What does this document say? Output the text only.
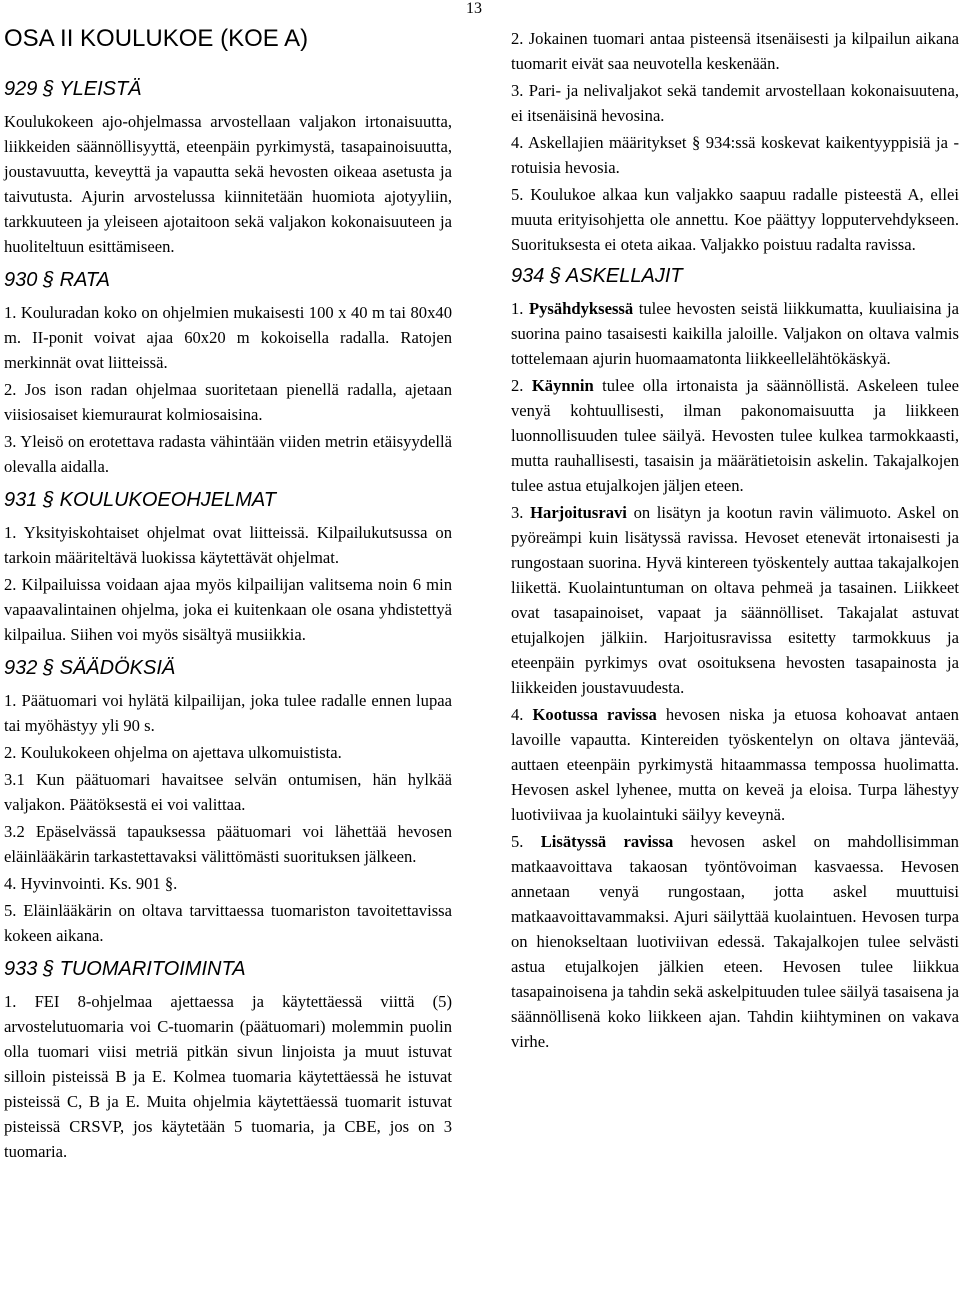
13
OSA II KOULUKOE (KOE A)
929 § YLEISTÄ

Koulukokeen ajo-ohjelmassa arvostellaan valjakon irtonaisuutta, liikkeiden säännöllisyyttä, eteenpäin pyrkimystä, tasapainoisuutta, joustavuutta, keveyttä ja vapautta sekä hevosten oikeaa asetusta ja taivutusta. Ajurin arvostelussa kiinnitetään huomiota ajotyyliin, tarkkuuteen ja yleiseen ajotaitoon sekä valjakon kokonaisuuteen ja huoliteltuun esittämiseen.

930 § RATA

1. Kouluradan koko on ohjelmien mukaisesti 100 x 40 m tai 80x40 m. II-ponit voivat ajaa 60x20 m kokoisella radalla. Ratojen merkinnät ovat liitteissä.

2. Jos ison radan ohjelmaa suoritetaan pienellä radalla, ajetaan viisiosaiset kiemuraurat kolmiosaisina.

3. Yleisö on erotettava radasta vähintään viiden metrin etäisyydellä olevalla aidalla.

931 § KOULUKOEOHJELMAT

1. Yksityiskohtaiset ohjelmat ovat liitteissä. Kilpailukutsussa on tarkoin määriteltävä luokissa käytettävät ohjelmat.

2. Kilpailuissa voidaan ajaa myös kilpailijan valitsema noin 6 min vapaavalintainen ohjelma, joka ei kuitenkaan ole osana yhdistettyä kilpailua. Siihen voi myös sisältyä musiikkia.

932 § SÄÄDÖKSIÄ

1. Päätuomari voi hylätä kilpailijan, joka tulee radalle ennen lupaa tai myöhästyy yli 90 s.

2. Koulukokeen ohjelma on ajettava ulkomuistista.

3.1 Kun päätuomari havaitsee selvän ontumisen, hän hylkää valjakon. Päätöksestä ei voi valittaa.

3.2 Epäselvässä tapauksessa päätuomari voi lähettää hevosen eläinlääkärin tarkastettavaksi välittömästi suorituksen jälkeen.

4. Hyvinvointi. Ks. 901 §.

5. Eläinlääkärin on oltava tarvittaessa tuomariston tavoitettavissa kokeen aikana.

933 § TUOMARITOIMINTA

1. FEI 8-ohjelmaa ajettaessa ja käytettäessä viittä (5) arvostelutuomaria voi C-tuomarin (päätuomari) molemmin puolin olla tuomari viisi metriä pitkän sivun linjoista ja muut istuvat silloin pisteissä B ja E. Kolmea tuomaria käytettäessä he istuvat pisteissä C, B ja E. Muita ohjelmia käytettäessä tuomarit istuvat pisteissä CRSVP, jos käytetään 5 tuomaria, ja CBE, jos on 3 tuomaria.

2. Jokainen tuomari antaa pisteensä itsenäisesti ja kilpailun aikana tuomarit eivät saa neuvotella keskenään.

3. Pari- ja nelivaljakot sekä tandemit arvostellaan kokonaisuutena, ei itsenäisinä hevosina.

4. Askellajien määritykset § 934:ssä koskevat kaikentyyppisiä ja -rotuisia hevosia.

5. Koulukoe alkaa kun valjakko saapuu radalle pisteestä A, ellei muuta erityisohjetta ole annettu. Koe päättyy lopputervehdykseen. Suorituksesta ei oteta aikaa. Valjakko poistuu radalta ravissa.

934 § ASKELLAJIT

1. Pysähdyksessä tulee hevosten seistä liikkumatta, kuuliaisina ja suorina paino tasaisesti kaikilla jaloille. Valjakon on oltava valmis tottelemaan ajurin huomaamatonta liikkeellelähtökäskyä.

2. Käynnin tulee olla irtonaista ja säännöllistä. Askeleen tulee venyä kohtuullisesti, ilman pakonomaisuutta ja liikkeen luonnollisuuden tulee säilyä. Hevosten tulee kulkea tarmokkaasti, mutta rauhallisesti, tasaisin ja määrätietoisin askelin. Takajalkojen tulee astua etujalkojen jäljen eteen.

3. Harjoitusravi on lisätyn ja kootun ravin välimuoto. Askel on pyöreämpi kuin lisätyssä ravissa. Hevoset etenevät irtonaisesti ja rungostaan suorina. Hyvä kintereen työskentely auttaa takajalkojen liikettä. Kuolaintuntuman on oltava pehmeä ja tasainen. Liikkeet ovat tasapainoiset, vapaat ja säännölliset. Takajalat astuvat etujalkojen jälkiin. Harjoitusravissa esitetty tarmokkuus ja eteenpäin pyrkimys ovat osoituksena hevosten tasapainosta ja liikkeiden joustavuudesta.

4. Kootussa ravissa hevosen niska ja etuosa kohoavat antaen lavoille vapautta. Kintereiden työskentelyn on oltava jäntevää, auttaen eteenpäin pyrkimystä hitaammassa tempossa huolimatta. Hevosen askel lyhenee, mutta on keveä ja eloisa. Turpa lähestyy luotiviivaa ja kuolaintuki säilyy keveynä.

5. Lisätyssä ravissa hevosen askel on mahdollisimman matkaavoittava takaosan työntövoiman kasvaessa. Hevosen annetaan venyä rungostaan, jotta askel muuttuisi matkaavoittavammaksi. Ajuri säilyttää kuolaintuen. Hevosen turpa on hienokseltaan luotiviivan edessä. Takajalkojen tulee selvästi astua etujalkojen jälkien eteen. Hevosen tulee liikkua tasapainoisena ja tahdin sekä askelpituuden tulee säilyä tasaisena ja säännöllisenä koko liikkeen ajan. Tahdin kiihtyminen on vakava virhe.
